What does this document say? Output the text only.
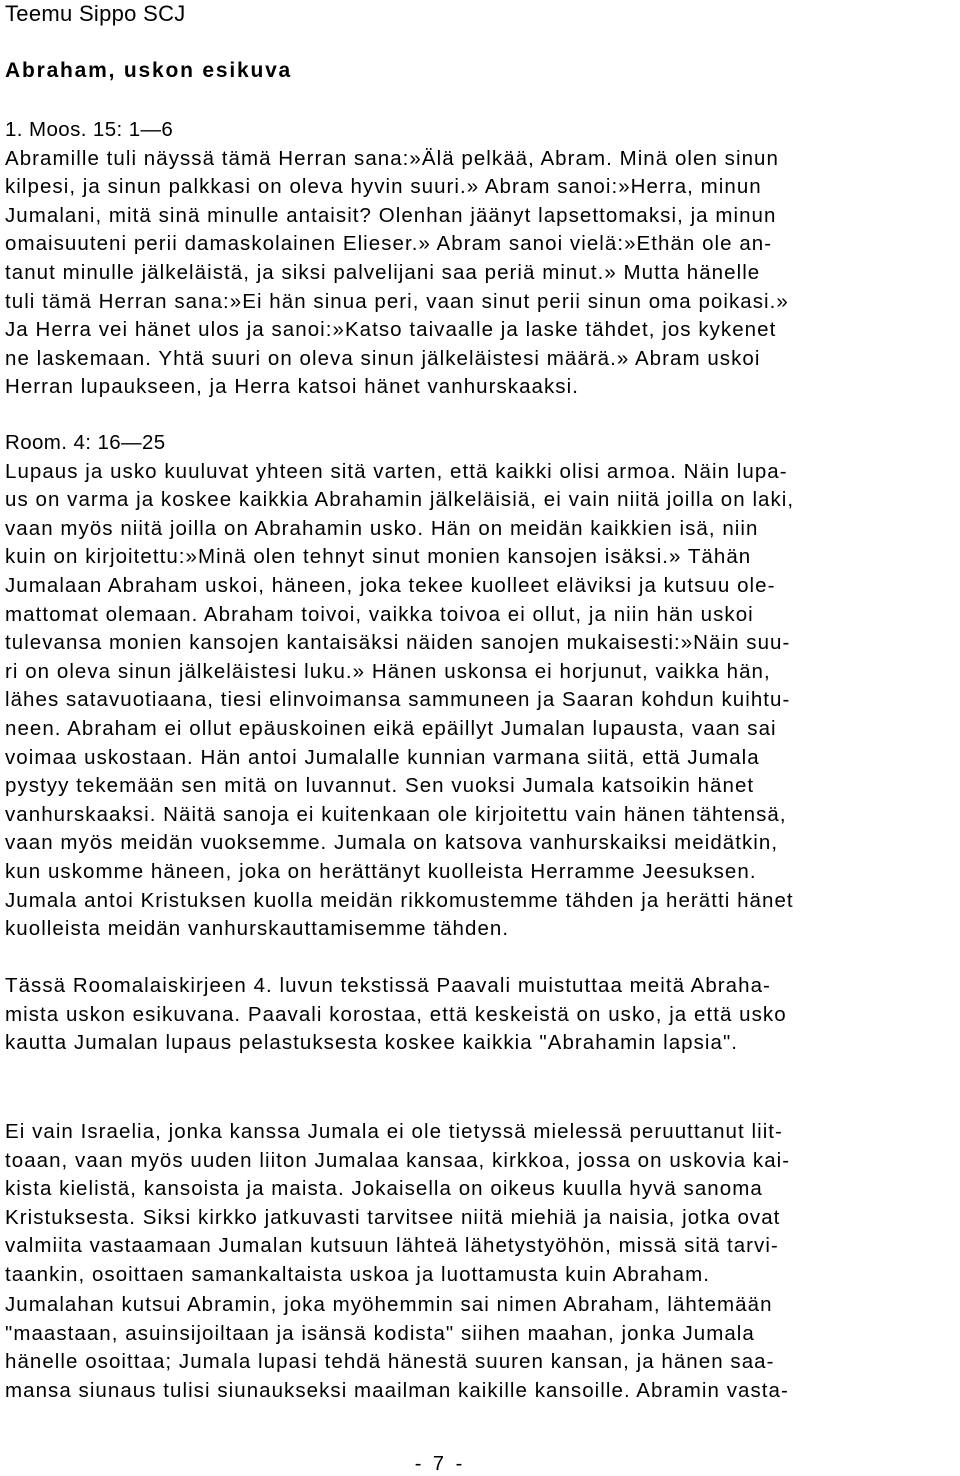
Teemu Sippo SCJ
Abraham, uskon esikuva
1. Moos. 15: 1—6
Abramille tuli näyssä tämä Herran sana:»Älä pelkää, Abram. Minä olen sinun
kilpesi, ja sinun palkkasi on oleva hyvin suuri.» Abram sanoi:»Herra, minun
Jumalani, mitä sinä minulle antaisit? Olenhan jäänyt lapsettomaksi, ja minun
omaisuuteni perii damaskolainen Elieser.» Abram sanoi vielä:»Ethän ole an-
tanut minulle jälkeläistä, ja siksi palvelijani saa periä minut.» Mutta hänelle
tuli tämä Herran sana:»Ei hän sinua peri, vaan sinut perii sinun oma poikasi.»
Ja Herra vei hänet ulos ja sanoi:»Katso taivaalle ja laske tähdet, jos kykenet
ne laskemaan. Yhtä suuri on oleva sinun jälkeläistesi määrä.» Abram uskoi
Herran lupaukseen, ja Herra katsoi hänet vanhurskaaksi.
Room. 4: 16—25
Lupaus ja usko kuuluvat yhteen sitä varten, että kaikki olisi armoa. Näin lupa-
us on varma ja koskee kaikkia Abrahamin jälkeläisiä, ei vain niitä joilla on laki,
vaan myös niitä joilla on Abrahamin usko. Hän on meidän kaikkien isä, niin
kuin on kirjoitettu:»Minä olen tehnyt sinut monien kansojen isäksi.» Tähän
Jumalaan Abraham uskoi, häneen, joka tekee kuolleet eläviksi ja kutsuu ole-
mattomat olemaan. Abraham toivoi, vaikka toivoa ei ollut, ja niin hän uskoi
tulevansa monien kansojen kantaisäksi näiden sanojen mukaisesti:»Näin suu-
ri on oleva sinun jälkeläistesi luku.» Hänen uskonsa ei horjunut, vaikka hän,
lähes satavuotiaana, tiesi elinvoimansa sammuneen ja Saaran kohdun kuihtu-
neen. Abraham ei ollut epäuskoinen eikä epäillyt Jumalan lupausta, vaan sai
voimaa uskostaan. Hän antoi Jumalalle kunnian varmana siitä, että Jumala
pystyy tekemään sen mitä on luvannut. Sen vuoksi Jumala katsoikin hänet
vanhurskaaksi. Näitä sanoja ei kuitenkaan ole kirjoitettu vain hänen tähtensä,
vaan myös meidän vuoksemme. Jumala on katsova vanhurskaiksi meidätkin,
kun uskomme häneen, joka on herättänyt kuolleista Herramme Jeesuksen.
Jumala antoi Kristuksen kuolla meidän rikkomustemme tähden ja herätti hänet
kuolleista meidän vanhurskauttamisemme tähden.
Tässä Roomalaiskirjeen 4. luvun tekstissä Paavali muistuttaa meitä Abraha-
mista uskon esikuvana. Paavali korostaa, että keskeistä on usko, ja että usko
kautta Jumalan lupaus pelastuksesta koskee kaikkia "Abrahamin lapsia".
Ei vain Israelia, jonka kanssa Jumala ei ole tietyssä mielessä peruuttanut liit-
toaan, vaan myös uuden liiton Jumalaa kansaa, kirkkoa, jossa on uskovia kai-
kista kielistä, kansoista ja maista. Jokaisella on oikeus kuulla hyvä sanoma
Kristuksesta. Siksi kirkko jatkuvasti tarvitsee niitä miehiä ja naisia, jotka ovat
valmiita vastaamaan Jumalan kutsuun lähteä lähetystyöhön, missä sitä tarvi-
taankin, osoittaen samankaltaista uskoa ja luottamusta kuin Abraham.
Jumalahan kutsui Abramin, joka myöhemmin sai nimen Abraham, lähtemään
"maastaan, asuinsijoiltaan ja isänsä kodista" siihen maahan, jonka Jumala
hänelle osoittaa; Jumala lupasi tehdä hänestä suuren kansan, ja hänen saa-
mansa siunaus tulisi siunaukseksi maailman kaikille kansoille. Abramin vasta-
- 7 -
